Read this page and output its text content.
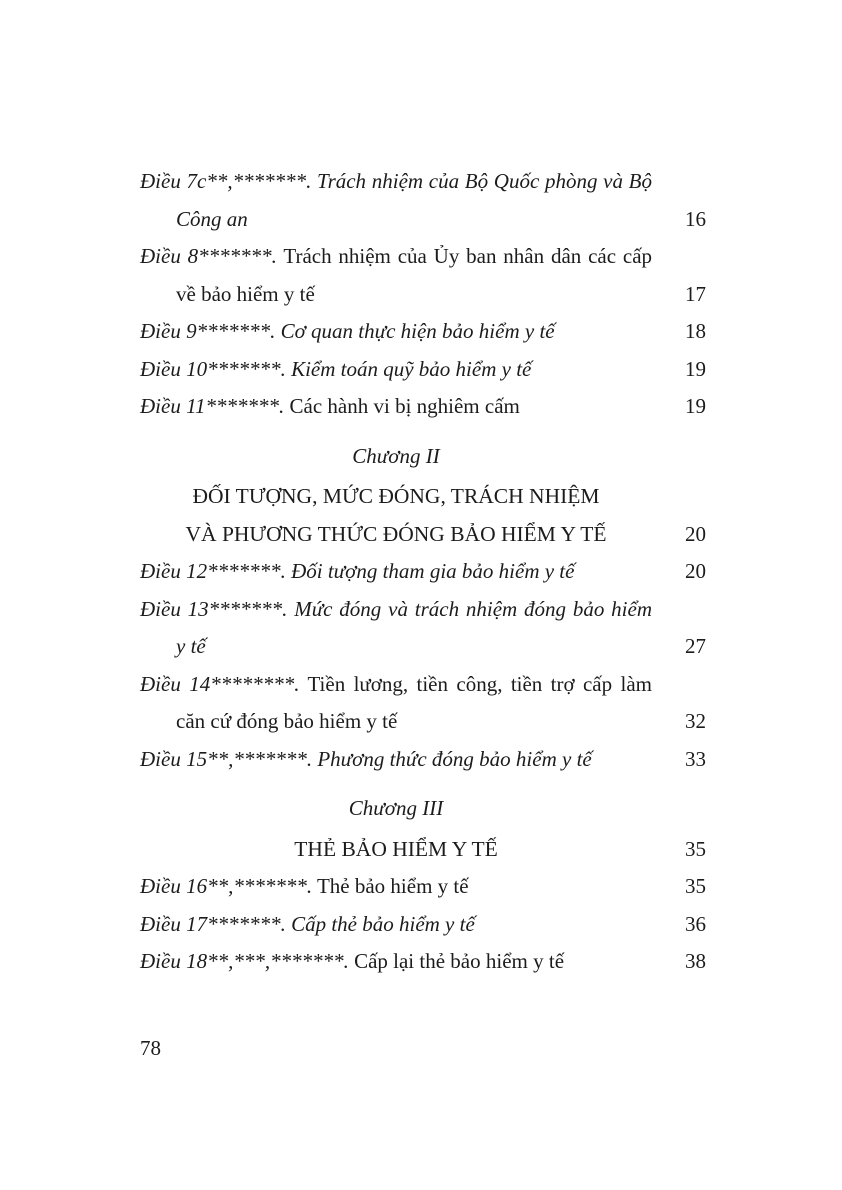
Điều 7c**,*******. Trách nhiệm của Bộ Quốc phòng và Bộ Công an	16
Điều 8*******. Trách nhiệm của Ủy ban nhân dân các cấp về bảo hiểm y tế	17
Điều 9*******. Cơ quan thực hiện bảo hiểm y tế	18
Điều 10*******. Kiểm toán quỹ bảo hiểm y tế	19
Điều 11*******. Các hành vi bị nghiêm cấm	19
Chương II
ĐỐI TƯỢNG, MỨC ĐÓNG, TRÁCH NHIỆM
VÀ PHƯƠNG THỨC ĐÓNG BẢO HIỂM Y TẾ	20
Điều 12*******. Đối tượng tham gia bảo hiểm y tế	20
Điều 13*******. Mức đóng và trách nhiệm đóng bảo hiểm y tế	27
Điều 14********. Tiền lương, tiền công, tiền trợ cấp làm căn cứ đóng bảo hiểm y tế	32
Điều 15**,*******. Phương thức đóng bảo hiểm y tế	33
Chương III
THẺ BẢO HIỂM Y TẾ	35
Điều 16**,*******. Thẻ bảo hiểm y tế	35
Điều 17*******. Cấp thẻ bảo hiểm y tế	36
Điều 18**,***,*******. Cấp lại thẻ bảo hiểm y tế	38
78
